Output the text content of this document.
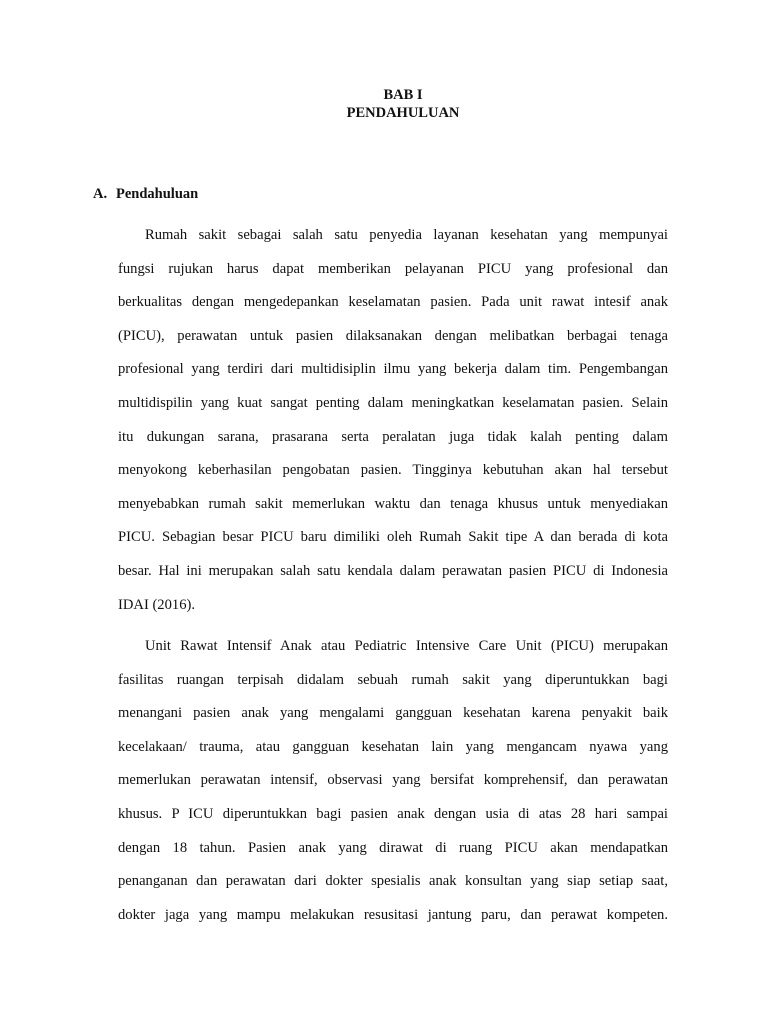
BAB I
PENDAHULUAN
A. Pendahuluan
Rumah sakit sebagai salah satu penyedia layanan kesehatan yang mempunyai
fungsi rujukan harus dapat memberikan pelayanan PICU yang profesional dan
berkualitas dengan mengedepankan keselamatan pasien. Pada unit rawat intesif anak
(PICU), perawatan untuk pasien dilaksanakan dengan melibatkan berbagai tenaga
profesional yang terdiri dari multidisiplin ilmu yang bekerja dalam tim. Pengembangan
multidispilin yang kuat sangat penting dalam meningkatkan keselamatan pasien. Selain
itu dukungan sarana, prasarana serta peralatan juga tidak kalah penting dalam
menyokong keberhasilan pengobatan pasien. Tingginya kebutuhan akan hal tersebut
menyebabkan rumah sakit memerlukan waktu dan tenaga khusus untuk menyediakan
PICU. Sebagian besar PICU baru dimiliki oleh Rumah Sakit tipe A dan berada di kota
besar. Hal ini merupakan salah satu kendala dalam perawatan pasien PICU di Indonesia
IDAI (2016).
Unit Rawat Intensif Anak atau Pediatric Intensive Care Unit (PICU) merupakan
fasilitas ruangan terpisah didalam sebuah rumah sakit yang diperuntukkan bagi
menangani pasien anak yang mengalami gangguan kesehatan karena penyakit baik
kecelakaan/ trauma, atau gangguan kesehatan lain yang mengancam nyawa yang
memerlukan perawatan intensif, observasi yang bersifat komprehensif, dan perawatan
khusus. P ICU diperuntukkan bagi pasien anak dengan usia di atas 28 hari sampai
dengan 18 tahun. Pasien anak yang dirawat di ruang PICU akan mendapatkan
penanganan dan perawatan dari dokter spesialis anak konsultan yang siap setiap saat,
dokter jaga yang mampu melakukan resusitasi jantung paru, dan perawat kompeten.
